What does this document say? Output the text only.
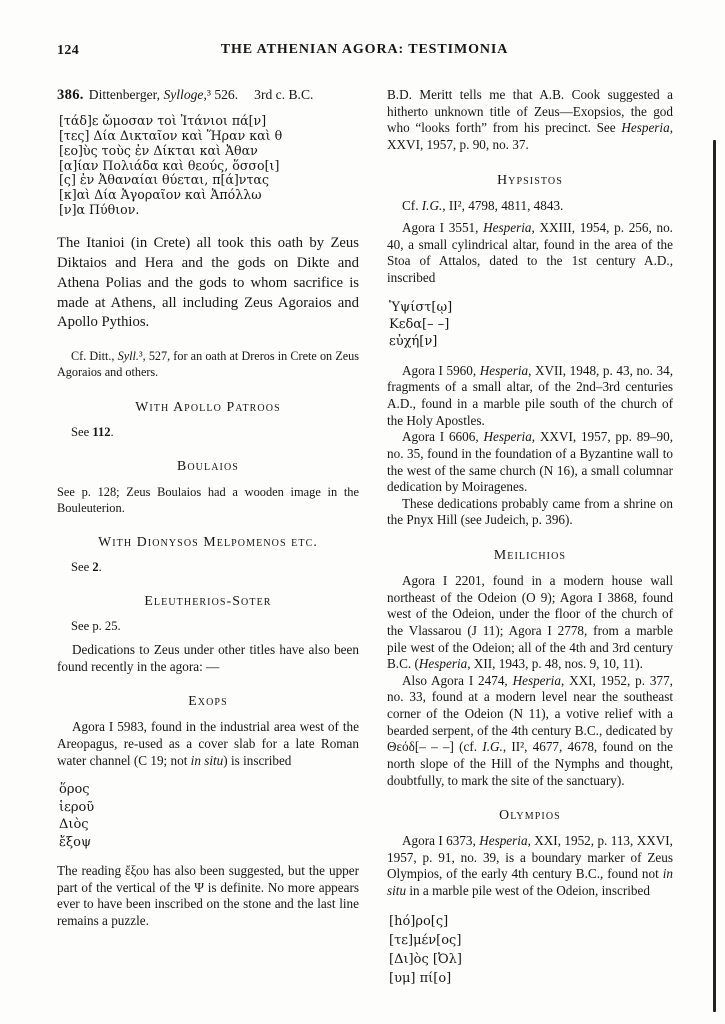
124	THE ATHENIAN AGORA: TESTIMONIA

386. Dittenberger, Sylloge,³ 526. 3rd c. B.C.

[τάδ]ε ὤμοσαν τοὶ Ἰτάνιοι πά[ν]
[τες] Δία Δικταῖον καὶ Ἥραν καὶ θ
[εο]ὺς τοὺς ἐν Δίκται καὶ Ἀθαν
[α]ίαν Πολιάδα καὶ θεούς, ὅσσο[ι]
[ς] ἐν Ἀθαναίαι θύεται, π[ά]ντας
[κ]αὶ Δία Ἀγοραῖον καὶ Ἀπόλλω
[ν]α Πύθιον.

The Itanioi (in Crete) all took this oath by Zeus Diktaios and Hera and the gods on Dikte and Athena Polias and the gods to whom sacrifice is made at Athens, all including Zeus Agoraios and Apollo Pythios.

Cf. Ditt., Syll.³, 527, for an oath at Dreros in Crete on Zeus Agoraios and others.

With Apollo Patroos

See 112.

Boulaios

See p. 128; Zeus Boulaios had a wooden image in the Bouleuterion.

With Dionysos Melpomenos etc.

See 2.

Eleutherios-Soter

See p. 25.

Dedications to Zeus under other titles have also been found recently in the agora: —

Exops

Agora I 5983, found in the industrial area west of the Areopagus, re-used as a cover slab for a late Roman water channel (C 19; not in situ) is inscribed

ὅρος
ἱεροῦ
Διὸς
ἔξοψ

The reading ἔξου has also been suggested, but the upper part of the vertical of the Ψ is definite. No more appears ever to have been inscribed on the stone and the last line remains a puzzle.

B.D. Meritt tells me that A.B. Cook suggested a hitherto unknown title of Zeus—Exopsios, the god who “looks forth” from his precinct. See Hesperia, XXVI, 1957, p. 90, no. 37.

Hypsistos

Cf. I.G., II², 4798, 4811, 4843.

Agora I 3551, Hesperia, XXIII, 1954, p. 256, no. 40, a small cylindrical altar, found in the area of the Stoa of Attalos, dated to the 1st century A.D., inscribed

Ὑψίστ[ῳ]
Κεδα[– –]
εὐχή[ν]

Agora I 5960, Hesperia, XVII, 1948, p. 43, no. 34, fragments of a small altar, of the 2nd–3rd centuries A.D., found in a marble pile south of the church of the Holy Apostles.

Agora I 6606, Hesperia, XXVI, 1957, pp. 89–90, no. 35, found in the foundation of a Byzantine wall to the west of the same church (N 16), a small columnar dedication by Moiragenes.

These dedications probably came from a shrine on the Pnyx Hill (see Judeich, p. 396).

Meilichios

Agora I 2201, found in a modern house wall northeast of the Odeion (O 9); Agora I 3868, found west of the Odeion, under the floor of the church of the Vlassarou (J 11); Agora I 2778, from a marble pile west of the Odeion; all of the 4th and 3rd century B.C. (Hesperia, XII, 1943, p. 48, nos. 9, 10, 11).

Also Agora I 2474, Hesperia, XXI, 1952, p. 377, no. 33, found at a modern level near the southeast corner of the Odeion (N 11), a votive relief with a bearded serpent, of the 4th century B.C., dedicated by Θεόδ[– – –] (cf. I.G., II², 4677, 4678, found on the north slope of the Hill of the Nymphs and thought, doubtfully, to mark the site of the sanctuary).

Olympios

Agora I 6373, Hesperia, XXI, 1952, p. 113, XXVI, 1957, p. 91, no. 39, is a boundary marker of Zeus Olympios, of the early 4th century B.C., found not in situ in a marble pile west of the Odeion, inscribed

[hό]ρο[ς]
[τε]μέν[ος]
[Δι]ὸς [Ὀλ]
[υμ] πί[ο]
